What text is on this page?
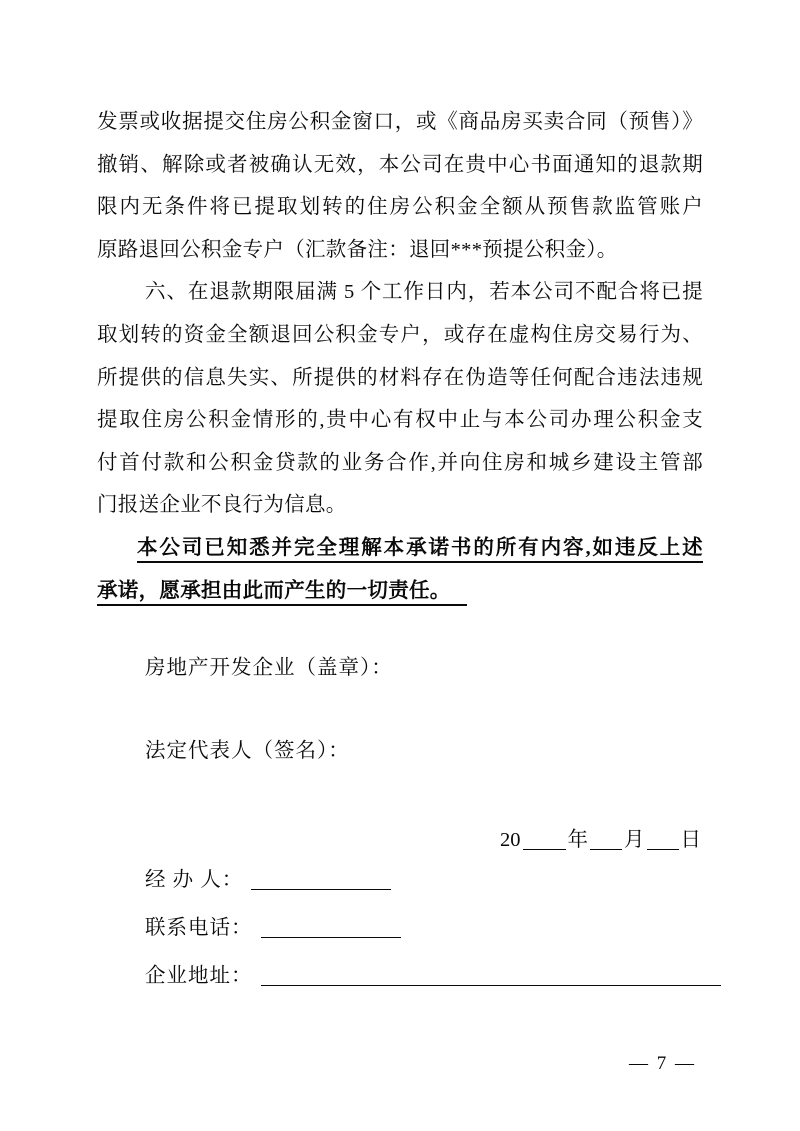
发票或收据提交住房公积金窗口，或《商品房买卖合同（预售）》
撤销、解除或者被确认无效，本公司在贵中心书面通知的退款期
限内无条件将已提取划转的住房公积金全额从预售款监管账户
原路退回公积金专户（汇款备注：退回***预提公积金）。
六、在退款期限届满 5 个工作日内，若本公司不配合将已提
取划转的资金全额退回公积金专户，或存在虚构住房交易行为、
所提供的信息失实、所提供的材料存在伪造等任何配合违法违规
提取住房公积金情形的,贵中心有权中止与本公司办理公积金支
付首付款和公积金贷款的业务合作,并向住房和城乡建设主管部
门报送企业不良行为信息。
本公司已知悉并完全理解本承诺书的所有内容,如违反上述
承诺，愿承担由此而产生的一切责任。
房地产开发企业（盖章）：
法定代表人（签名）：
20 年 月 日
经 办 人：
联系电话：
企业地址：
— 7 —
